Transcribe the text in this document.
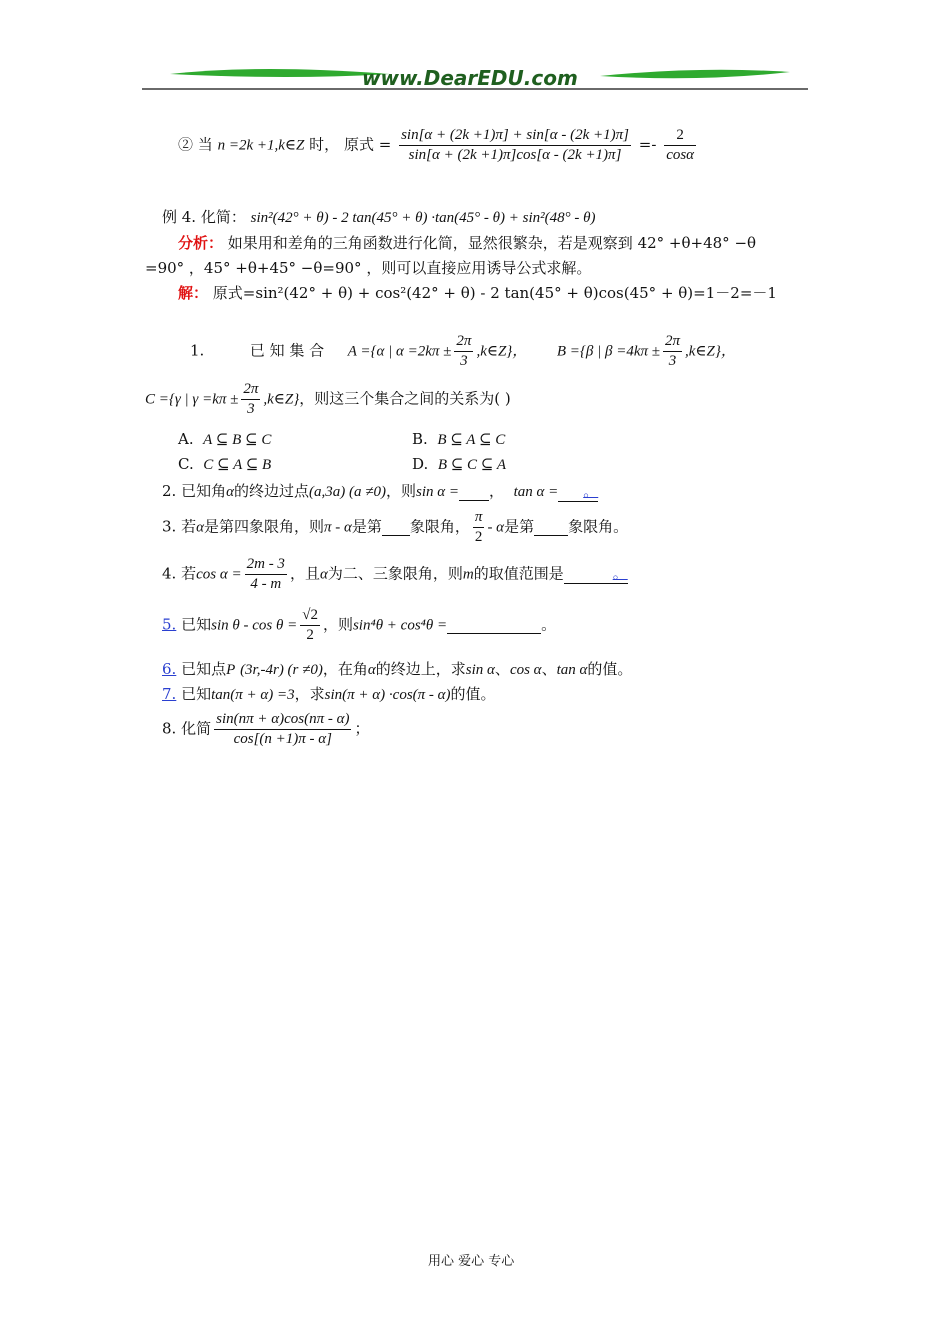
www.DearEDU.com
② 当 n =2k +1,k∈Z 时， 原式 = $\frac{\sin[\alpha + (2k +1)\pi] + \sin[\alpha - (2k +1)\pi]}{\sin[\alpha + (2k +1)\pi]\cos[\alpha - (2k +1)\pi]} =- \frac{2}{\cos\alpha}$
例 4. 化简： sin²(42° + θ) - 2 tan(45° + θ) ·tan(45° - θ) + sin²(48° - θ)
分析： 如果用和差角的三角函数进行化简，显然很繁杂，若是观察到 42° +θ+48° −θ
=90° ，45° +θ+45° −θ=90° ，则可以直接应用诱导公式求解。
解： 原式=sin²(42° + θ) + cos²(42° + θ) - 2 tan(45° + θ)cos(45° + θ)=1－2=－1
1.	已 知 集 合 A ={α | $\alpha =2k\pi \pm \frac{2\pi}{3}$ ,k∈Z}， B ={β | $\beta =4k\pi \pm \frac{2\pi}{3}$ ,k∈Z}，
C ={γ | $\gamma =k\pi \pm \frac{2\pi}{3}$ ,k∈Z}，则这三个集合之间的关系为( )
A. A ⊆ B ⊆ C	B. B ⊆ A ⊆ C
C. C ⊆ A ⊆ B	D. B ⊆ C ⊆ A
2. 已知角α的终边过点(a,3a) (a ≠0)，则sin α = ， tan α = 。
3. 若α是第四象限角，则π - α是第 象限角， $\frac{\pi}{2}$ - α是第 象限角。
4. 若$\cos \alpha = \frac{2m - 3}{4 - m}$ ，且α为二、三象限角，则m的取值范围是	。
5. 已知$\sin \theta - \cos \theta = \frac{√2}{2}$ ，则sin⁴θ + cos⁴θ =	。
6. 已知点P (3r,-4r) (r ≠0)，在角α的终边上，求sin α、cos α、tan α的值。
7. 已知tan(π + α) =3，求sin(π + α) ·cos(π - α)的值。
8. 化简 $\frac{\sin(n\pi + \alpha)\cos(n\pi - \alpha)}{\cos[(n +1)\pi - \alpha]}$ ；
用心 爱心 专心
